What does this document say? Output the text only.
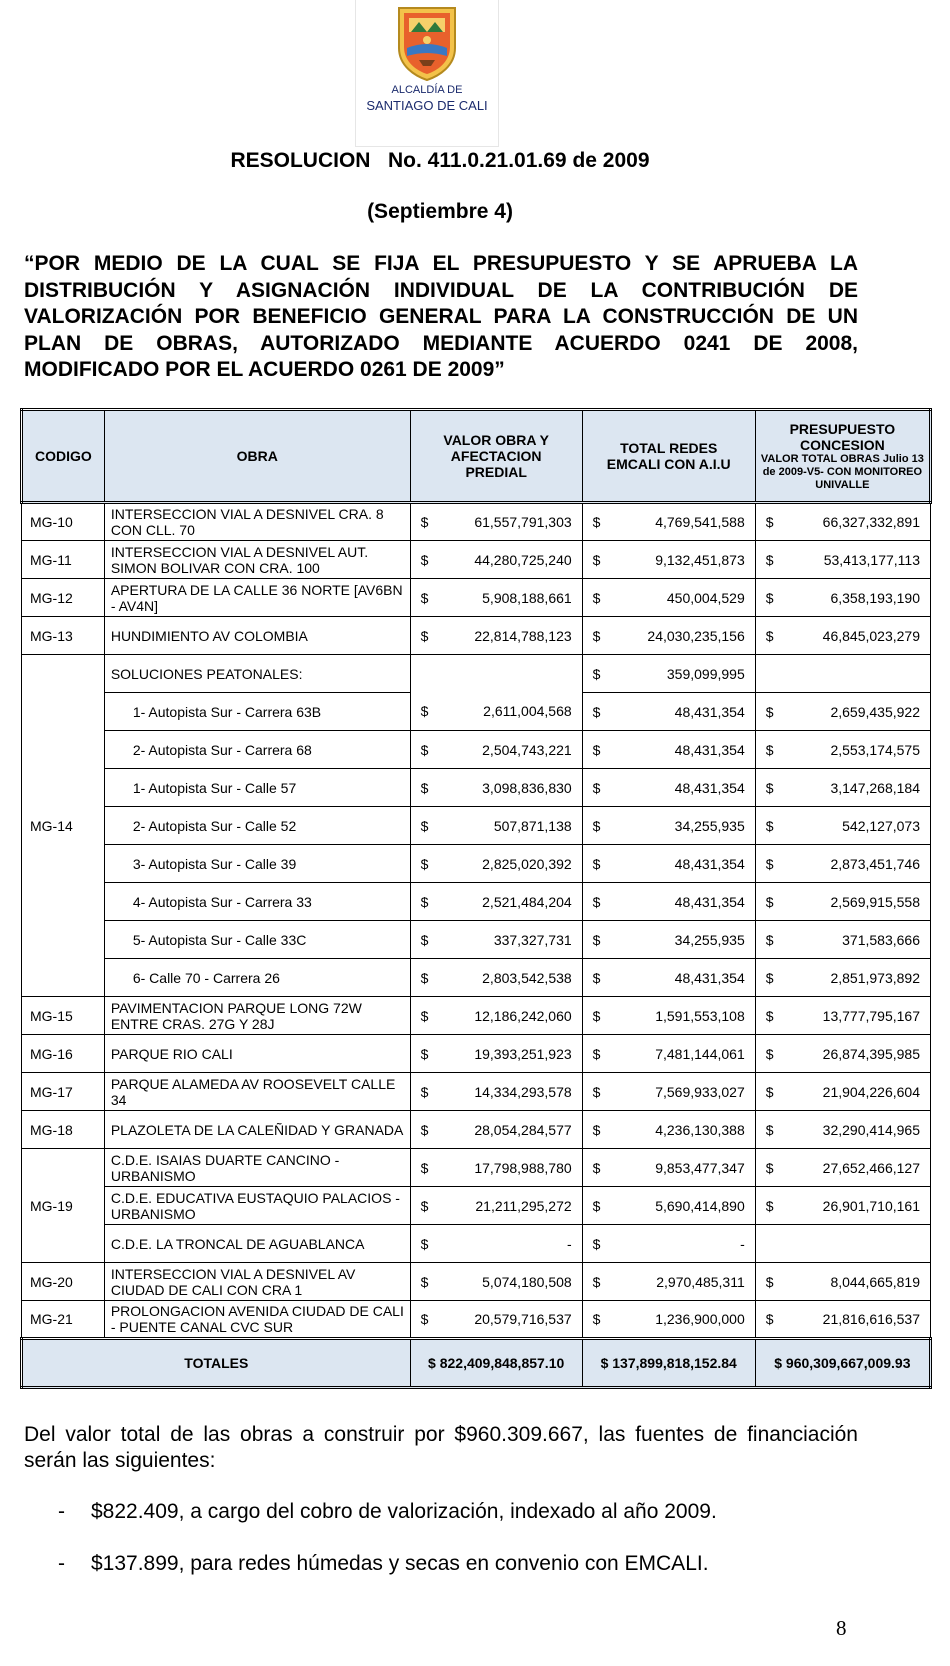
ALCALDÍA DE
SANTIAGO DE CALI
RESOLUCION   No. 411.0.21.01.69 de 2009
(Septiembre 4)
“POR MEDIO DE LA CUAL SE FIJA EL PRESUPUESTO Y SE APRUEBA LA DISTRIBUCIÓN Y ASIGNACIÓN INDIVIDUAL DE LA CONTRIBUCIÓN DE VALORIZACIÓN POR BENEFICIO GENERAL PARA LA CONSTRUCCIÓN DE UN PLAN DE OBRAS, AUTORIZADO MEDIANTE ACUERDO 0241 DE 2008, MODIFICADO POR EL ACUERDO 0261 DE 2009”
CODIGO	OBRA	VALOR OBRA Y AFECTACION PREDIAL	TOTAL REDES EMCALI CON A.I.U	PRESUPUESTO CONCESION
VALOR TOTAL OBRAS Julio 13 de 2009-V5- CON MONITOREO UNIVALLE

MG-10	INTERSECCION VIAL A DESNIVEL CRA. 8 CON CLL. 70	$ 61,557,791,303	$ 4,769,541,588	$ 66,327,332,891

MG-11	INTERSECCION VIAL A DESNIVEL AUT. SIMON BOLIVAR CON CRA. 100	$ 44,280,725,240	$ 9,132,451,873	$ 53,413,177,113

MG-12	APERTURA DE LA CALLE 36 NORTE [AV6BN - AV4N]	$ 5,908,188,661	$ 450,004,529	$ 6,358,193,190

MG-13	HUNDIMIENTO AV COLOMBIA	$ 22,814,788,123	$ 24,030,235,156	$ 46,845,023,279

MG-14	SOLUCIONES PEATONALES:		$ 359,099,995	

	1- Autopista Sur - Carrera 63B	$ 2,611,004,568	$ 48,431,354	$ 2,659,435,922

	2- Autopista Sur - Carrera 68	$ 2,504,743,221	$ 48,431,354	$ 2,553,174,575

	1- Autopista Sur - Calle 57	$ 3,098,836,830	$ 48,431,354	$ 3,147,268,184

	2- Autopista Sur - Calle 52	$ 507,871,138	$ 34,255,935	$ 542,127,073

	3- Autopista Sur - Calle 39	$ 2,825,020,392	$ 48,431,354	$ 2,873,451,746

	4- Autopista Sur - Carrera 33	$ 2,521,484,204	$ 48,431,354	$ 2,569,915,558

	5- Autopista Sur - Calle 33C	$ 337,327,731	$ 34,255,935	$ 371,583,666

	6- Calle 70 - Carrera 26	$ 2,803,542,538	$ 48,431,354	$ 2,851,973,892

MG-15	PAVIMENTACION PARQUE LONG 72W ENTRE CRAS. 27G Y 28J	$ 12,186,242,060	$ 1,591,553,108	$ 13,777,795,167

MG-16	PARQUE RIO CALI	$ 19,393,251,923	$ 7,481,144,061	$ 26,874,395,985

MG-17	PARQUE ALAMEDA AV ROOSEVELT CALLE 34	$ 14,334,293,578	$ 7,569,933,027	$ 21,904,226,604

MG-18	PLAZOLETA DE LA CALEÑIDAD Y GRANADA	$ 28,054,284,577	$ 4,236,130,388	$ 32,290,414,965

MG-19	C.D.E. ISAIAS DUARTE CANCINO - URBANISMO	$ 17,798,988,780	$ 9,853,477,347	$ 27,652,466,127

	C.D.E. EDUCATIVA EUSTAQUIO PALACIOS - URBANISMO	$ 21,211,295,272	$ 5,690,414,890	$ 26,901,710,161

	C.D.E. LA TRONCAL DE AGUABLANCA	$ -	$ -	

MG-20	INTERSECCION VIAL A DESNIVEL AV CIUDAD DE CALI CON CRA 1	$ 5,074,180,508	$ 2,970,485,311	$ 8,044,665,819

MG-21	PROLONGACION AVENIDA CIUDAD DE CALI - PUENTE CANAL CVC SUR	$ 20,579,716,537	$ 1,236,900,000	$ 21,816,616,537

TOTALES		$ 822,409,848,857.10	$ 137,899,818,152.84	$ 960,309,667,009.93
Del valor total de las obras a construir por $960.309.667, las fuentes de financiación serán las siguientes:
- $822.409, a cargo del cobro de valorización, indexado al año 2009.
- $137.899, para redes húmedas y secas en convenio con EMCALI.
8
